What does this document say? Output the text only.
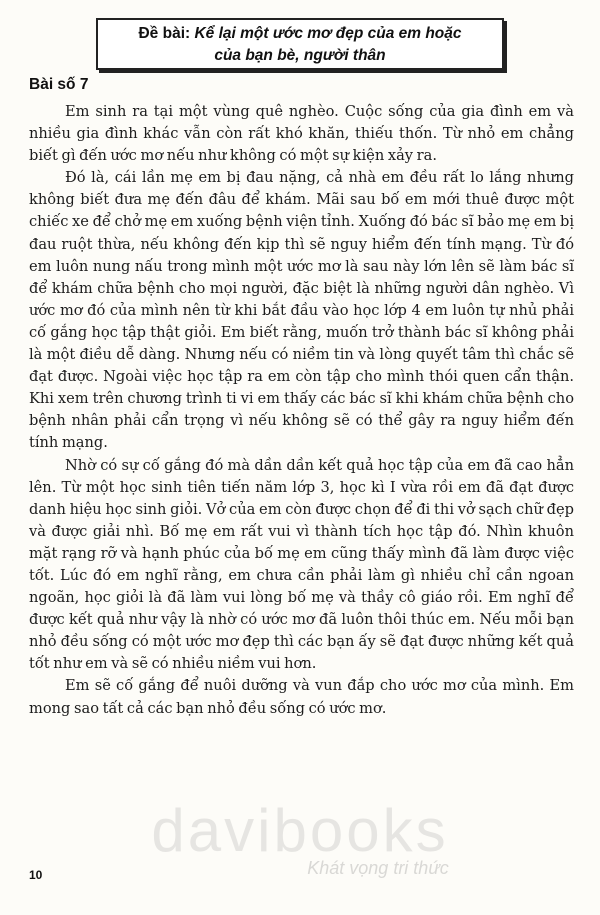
Đề bài: Kể lại một ước mơ đẹp của em hoặc
của bạn bè, người thân
Bài số 7

Em sinh ra tại một vùng quê nghèo. Cuộc sống của gia đình em và nhiều gia đình khác vẫn còn rất khó khăn, thiếu thốn. Từ nhỏ em chẳng biết gì đến ước mơ nếu như không có một sự kiện xảy ra.

Đó là, cái lần mẹ em bị đau nặng, cả nhà em đều rất lo lắng nhưng không biết đưa mẹ đến đâu để khám. Mãi sau bố em mới thuê được một chiếc xe để chở mẹ em xuống bệnh viện tỉnh. Xuống đó bác sĩ bảo mẹ em bị đau ruột thừa, nếu không đến kịp thì sẽ nguy hiểm đến tính mạng. Từ đó em luôn nung nấu trong mình một ước mơ là sau này lớn lên sẽ làm bác sĩ để khám chữa bệnh cho mọi người, đặc biệt là những người dân nghèo. Vì ước mơ đó của mình nên từ khi bắt đầu vào học lớp 4 em luôn tự nhủ phải cố gắng học tập thật giỏi. Em biết rằng, muốn trở thành bác sĩ không phải là một điều dễ dàng. Nhưng nếu có niềm tin và lòng quyết tâm thì chắc sẽ đạt được. Ngoài việc học tập ra em còn tập cho mình thói quen cẩn thận. Khi xem trên chương trình ti vi em thấy các bác sĩ khi khám chữa bệnh cho bệnh nhân phải cẩn trọng vì nếu không sẽ có thể gây ra nguy hiểm đến tính mạng.

Nhờ có sự cố gắng đó mà dần dần kết quả học tập của em đã cao hẳn lên. Từ một học sinh tiên tiến năm lớp 3, học kì I vừa rồi em đã đạt được danh hiệu học sinh giỏi. Vở của em còn được chọn để đi thi vở sạch chữ đẹp và được giải nhì. Bố mẹ em rất vui vì thành tích học tập đó. Nhìn khuôn mặt rạng rỡ và hạnh phúc của bố mẹ em cũng thấy mình đã làm được việc tốt. Lúc đó em nghĩ rằng, em chưa cần phải làm gì nhiều chỉ cần ngoan ngoãn, học giỏi là đã làm vui lòng bố mẹ và thầy cô giáo rồi. Em nghĩ để được kết quả như vậy là nhờ có ước mơ đã luôn thôi thúc em. Nếu mỗi bạn nhỏ đều sống có một ước mơ đẹp thì các bạn ấy sẽ đạt được những kết quả tốt như em và sẽ có nhiều niềm vui hơn.

Em sẽ cố gắng để nuôi dưỡng và vun đắp cho ước mơ của mình. Em mong sao tất cả các bạn nhỏ đều sống có ước mơ.

davibooks
Khát vọng tri thức
10
